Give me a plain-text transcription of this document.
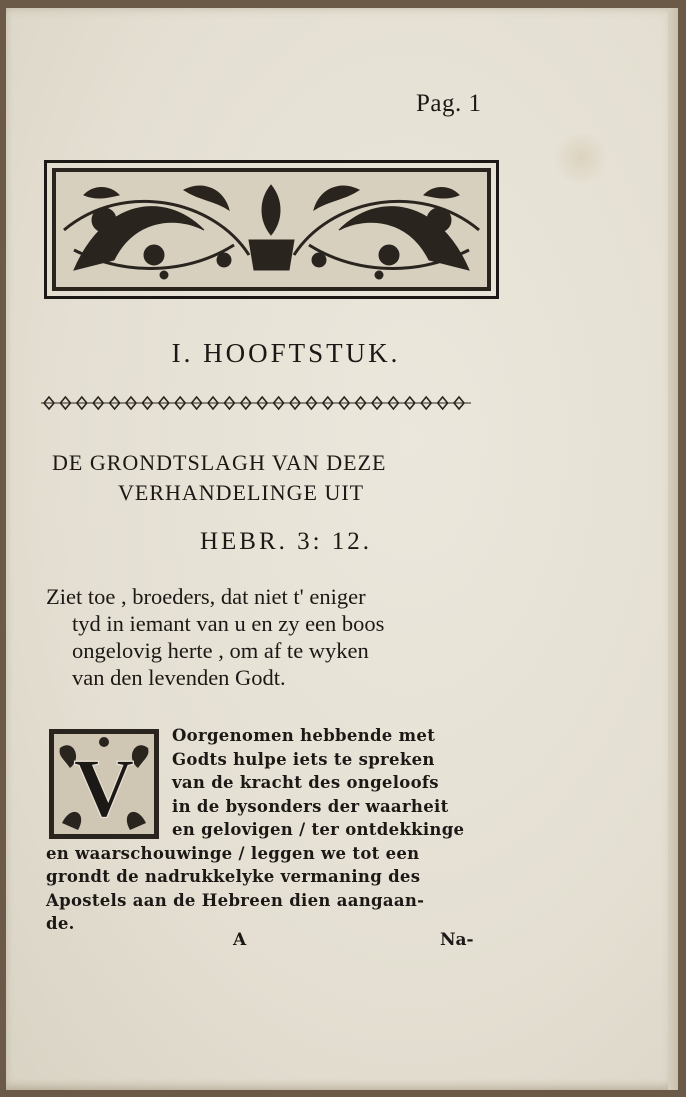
Pag. 1
I. HOOFTSTUK.
DE GRONDTSLAGH VAN DEZE
VERHANDELINGE UIT
HEBR. 3: 12.
Ziet toe , broeders, dat niet t' eniger
tyd in iemant van u en zy een boos
ongelovig herte , om af te wyken
van den levenden Godt.
V
Oorgenomen hebbende met
Godts hulpe iets te spreken
van de kracht des ongeloofs
in de bysonders der waarheit
en gelovigen / ter ontdekkinge
en waarschouwinge / leggen we tot een
grondt de nadrukkelyke vermaning des
Apostels aan de Hebreen dien aangaan-
de.
A	Na-
